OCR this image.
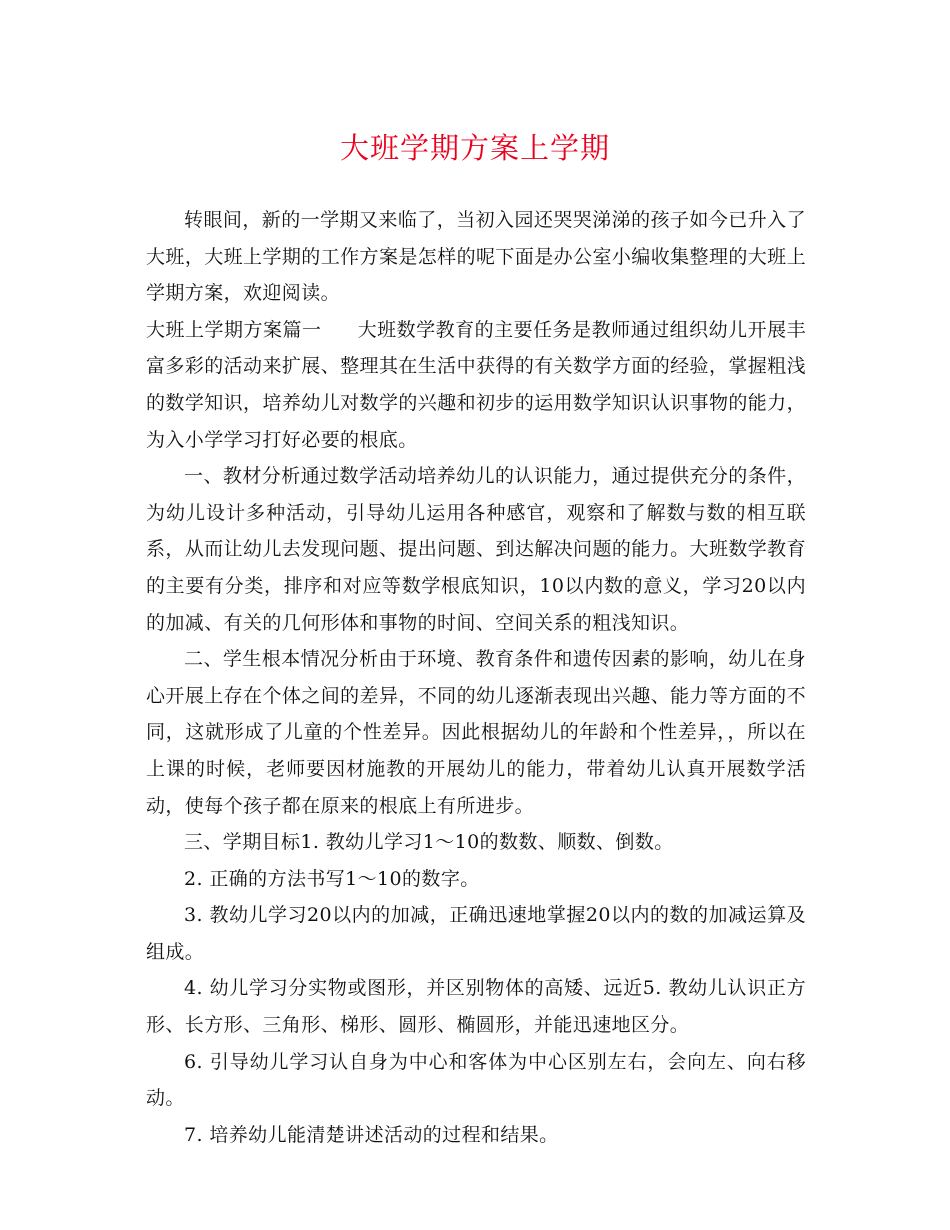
大班学期方案上学期

转眼间，新的一学期又来临了，当初入园还哭哭涕涕的孩子如今已升入了大班，大班上学期的工作方案是怎样的呢下面是办公室小编收集整理的大班上学期方案，欢迎阅读。

大班上学期方案篇一 大班数学教育的主要任务是教师通过组织幼儿开展丰富多彩的活动来扩展、整理其在生活中获得的有关数学方面的经验，掌握粗浅的数学知识，培养幼儿对数学的兴趣和初步的运用数学知识认识事物的能力，为入小学学习打好必要的根底。

一、教材分析通过数学活动培养幼儿的认识能力，通过提供充分的条件，为幼儿设计多种活动，引导幼儿运用各种感官，观察和了解数与数的相互联系，从而让幼儿去发现问题、提出问题、到达解决问题的能力。大班数学教育的主要有分类，排序和对应等数学根底知识，10以内数的意义，学习20以内的加减、有关的几何形体和事物的时间、空间关系的粗浅知识。

二、学生根本情况分析由于环境、教育条件和遗传因素的影响，幼儿在身心开展上存在个体之间的差异，不同的幼儿逐渐表现出兴趣、能力等方面的不同，这就形成了儿童的个性差异。因此根据幼儿的年龄和个性差异，，所以在上课的时候，老师要因材施教的开展幼儿的能力，带着幼儿认真开展数学活动，使每个孩子都在原来的根底上有所进步。

三、学期目标1. 教幼儿学习1～10的数数、顺数、倒数。

2. 正确的方法书写1～10的数字。

3. 教幼儿学习20以内的加减，正确迅速地掌握20以内的数的加减运算及组成。

4. 幼儿学习分实物或图形，并区别物体的高矮、远近5. 教幼儿认识正方形、长方形、三角形、梯形、圆形、椭圆形，并能迅速地区分。

6. 引导幼儿学习认自身为中心和客体为中心区别左右，会向左、向右移动。

7. 培养幼儿能清楚讲述活动的过程和结果。
